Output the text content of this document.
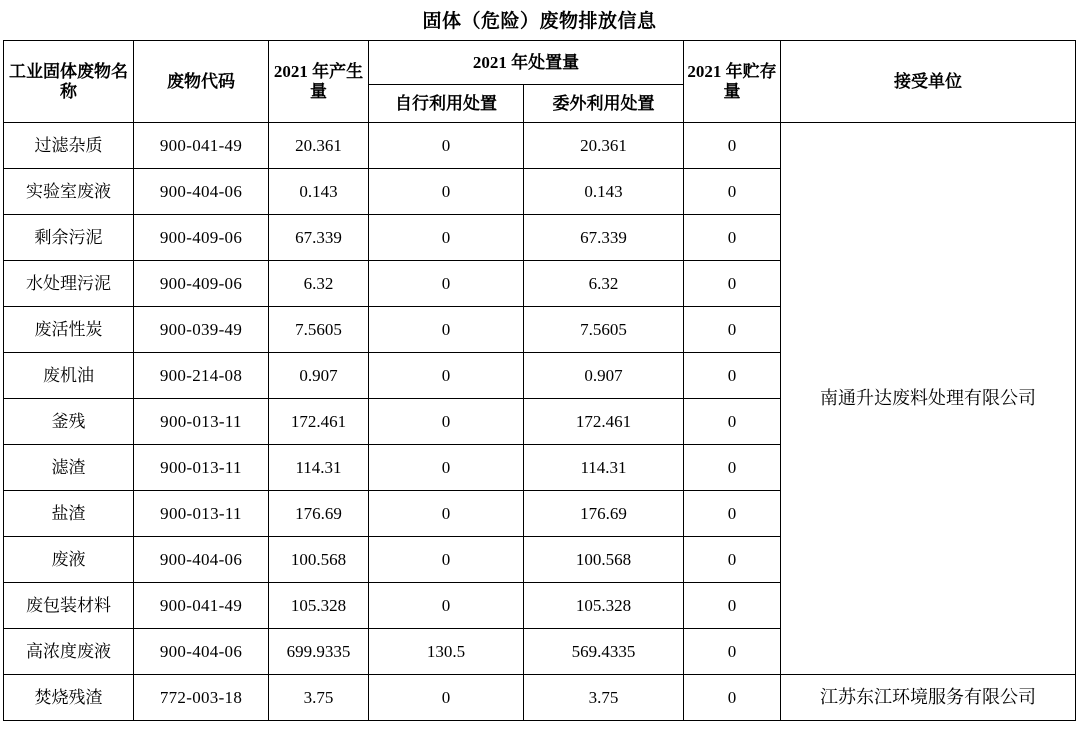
固体（危险）废物排放信息
工业固体废物名称	废物代码	2021 年产生量	2021 年处置量		2021 年贮存量	接受单位
			自行利用处置	委外利用处置		
过滤杂质	900-041-49	20.361	0	20.361	0	南通升达废料处理有限公司
实验室废液	900-404-06	0.143	0	0.143	0	
剩余污泥	900-409-06	67.339	0	67.339	0	
水处理污泥	900-409-06	6.32	0	6.32	0	
废活性炭	900-039-49	7.5605	0	7.5605	0	
废机油	900-214-08	0.907	0	0.907	0	
釜残	900-013-11	172.461	0	172.461	0	
滤渣	900-013-11	114.31	0	114.31	0	
盐渣	900-013-11	176.69	0	176.69	0	
废液	900-404-06	100.568	0	100.568	0	
废包装材料	900-041-49	105.328	0	105.328	0	
高浓度废液	900-404-06	699.9335	130.5	569.4335	0	
焚烧残渣	772-003-18	3.75	0	3.75	0	江苏东江环境服务有限公司
